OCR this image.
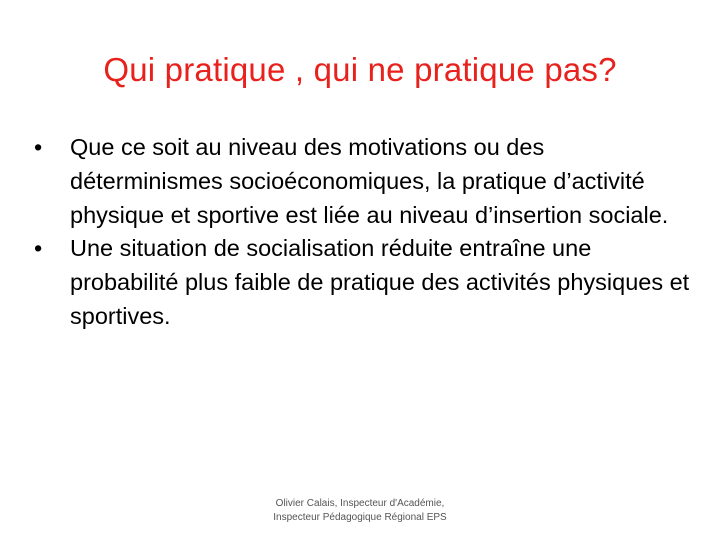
Qui pratique , qui ne pratique pas?
•	Que ce soit au niveau des motivations ou des déterminismes socioéconomiques, la pratique d’activité physique et sportive est liée au niveau d’insertion sociale.
•	Une situation de socialisation réduite entraîne une probabilité plus faible de pratique des activités physiques et sportives.
Olivier Calais, Inspecteur d'Académie,
Inspecteur Pédagogique Régional EPS
